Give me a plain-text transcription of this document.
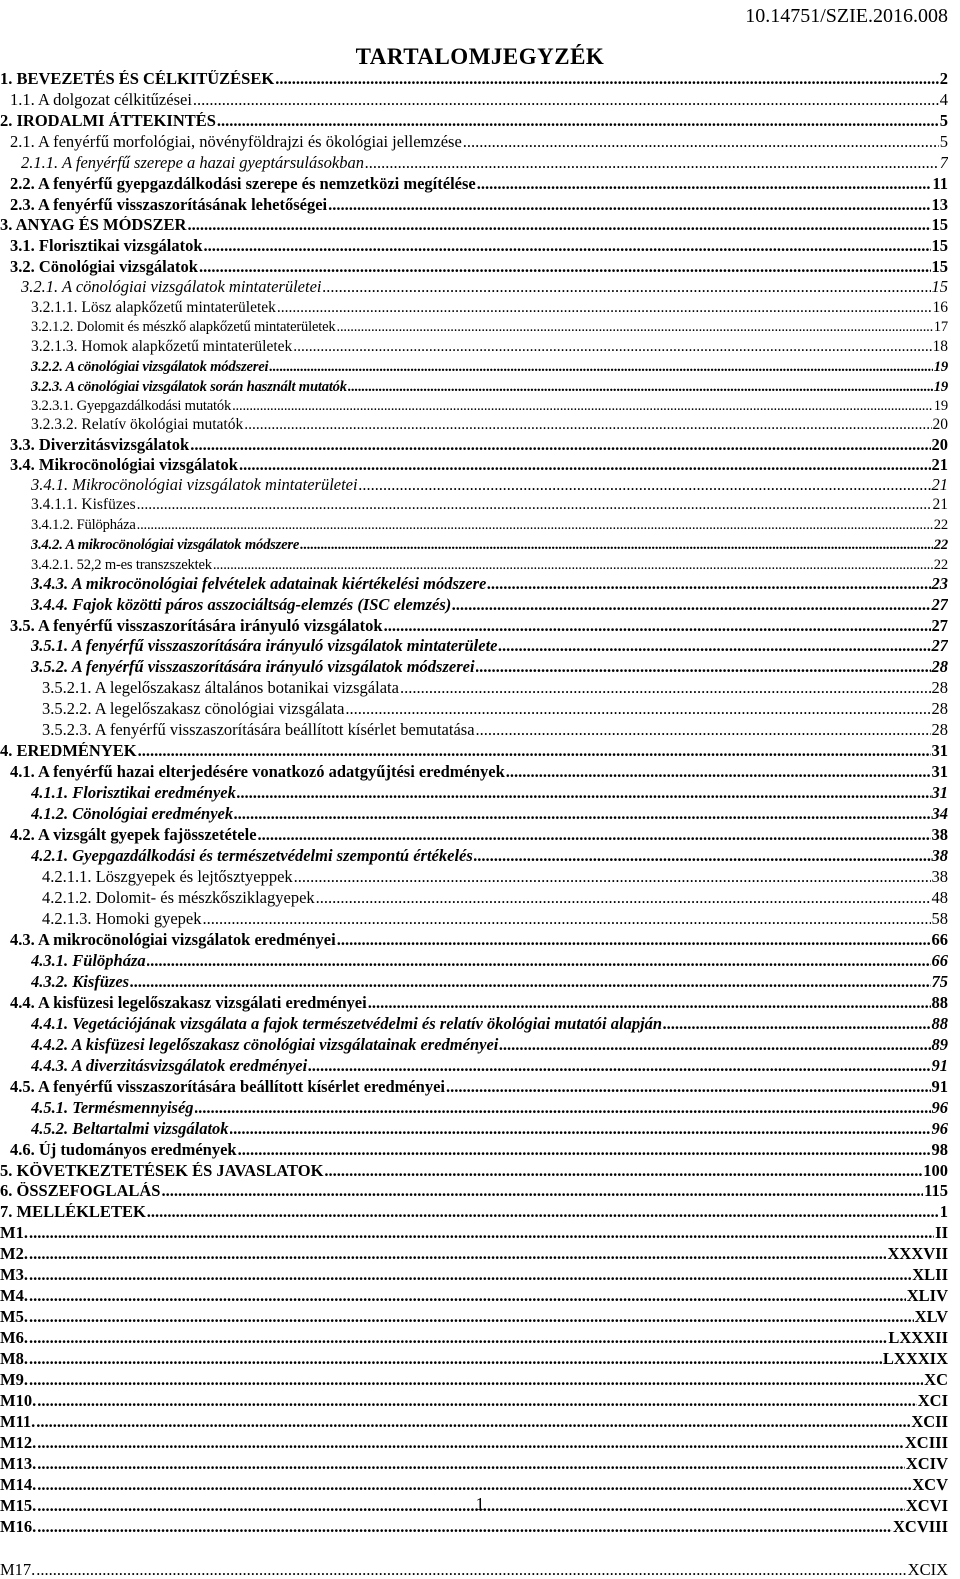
10.14751/SZIE.2016.008
TARTALOMJEGYZÉK
1. BEVEZETÉS ÉS CÉLKITŰZÉSEK .....	2
1.1. A dolgozat célkitűzései .....	4
2. IRODALMI ÁTTEKINTÉS .....	5
2.1. A fenyérfű morfológiai, növényföldrajzi és ökológiai jellemzése .....	5
2.1.1. A fenyérfű szerepe a hazai gyeptársulásokban .....	7
2.2. A fenyérfű gyepgazdálkodási szerepe és nemzetközi megítélése .....	11
2.3. A fenyérfű visszaszorításának lehetőségei .....	13
3. ANYAG ÉS MÓDSZER .....	15
3.1. Florisztikai vizsgálatok .....	15
3.2. Cönológiai vizsgálatok .....	15
3.2.1. A cönológiai vizsgálatok mintaterületei .....	15
3.2.1.1. Lösz alapkőzetű mintaterületek .....	16
3.2.1.2. Dolomit és mészkő alapkőzetű mintaterületek .....	17
3.2.1.3. Homok alapkőzetű mintaterületek .....	18
3.2.2. A cönológiai vizsgálatok módszerei .....	19
3.2.3. A cönológiai vizsgálatok során használt mutatók .....	19
3.2.3.1. Gyepgazdálkodási mutatók .....	19
3.2.3.2. Relatív ökológiai mutatók .....	20
3.3. Diverzitásvizsgálatok .....	20
3.4. Mikrocönológiai vizsgálatok .....	21
3.4.1. Mikrocönológiai vizsgálatok mintaterületei .....	21
3.4.1.1. Kisfüzes .....	21
3.4.1.2. Fülöpháza .....	22
3.4.2. A mikrocönológiai vizsgálatok módszere .....	22
3.4.2.1. 52,2 m-es transzszektek .....	22
3.4.3. A mikrocönológiai felvételek adatainak kiértékelési módszere .....	23
3.4.4. Fajok közötti páros asszociáltság-elemzés (ISC elemzés) .....	27
3.5. A fenyérfű visszaszorítására irányuló vizsgálatok .....	27
3.5.1. A fenyérfű visszaszorítására irányuló vizsgálatok mintaterülete .....	27
3.5.2. A fenyérfű visszaszorítására irányuló vizsgálatok módszerei .....	28
3.5.2.1. A legelőszakasz általános botanikai vizsgálata .....	28
3.5.2.2. A legelőszakasz cönológiai vizsgálata .....	28
3.5.2.3. A fenyérfű visszaszorítására beállított kísérlet bemutatása .....	28
4. EREDMÉNYEK .....	31
4.1. A fenyérfű hazai elterjedésére vonatkozó adatgyűjtési eredmények .....	31
4.1.1. Florisztikai eredmények .....	31
4.1.2. Cönológiai eredmények .....	34
4.2. A vizsgált gyepek fajösszetétele .....	38
4.2.1. Gyepgazdálkodási és természetvédelmi szempontú értékelés .....	38
4.2.1.1. Löszgyepek és lejtősztyeppek .....	38
4.2.1.2. Dolomit- és mészkősziklagyepek .....	48
4.2.1.3. Homoki gyepek .....	58
4.3. A mikrocönológiai vizsgálatok eredményei .....	66
4.3.1. Fülöpháza .....	66
4.3.2. Kisfüzes .....	75
4.4. A kisfüzesi legelőszakasz vizsgálati eredményei .....	88
4.4.1. Vegetációjának vizsgálata a fajok természetvédelmi és relatív ökológiai mutatói alapján .....	88
4.4.2. A kisfüzesi legelőszakasz cönológiai vizsgálatainak eredményei .....	89
4.4.3. A diverzitásvizsgálatok eredményei .....	91
4.5. A fenyérfű visszaszorítására beállított kísérlet eredményei .....	91
4.5.1. Termésmennyiség .....	96
4.5.2. Beltartalmi vizsgálatok .....	96
4.6. Új tudományos eredmények .....	98
5. KÖVETKEZTETÉSEK ÉS JAVASLATOK .....	100
6. ÖSSZEFOGLALÁS .....	115
7. MELLÉKLETEK .....	1
M1. .....	II
M2. .....	XXXVII
M3. .....	XLII
M4. .....	XLIV
M5. .....	XLV
M6. .....	LXXXII
M8. .....	LXXXIX
M9. .....	XC
M10. .....	XCI
M11. .....	XCII
M12. .....	XCIII
M13. .....	XCIV
M14. .....	XCV
M15. .....	XCVI
M16. .....	XCVIII
M17. .....	XCIX
1
